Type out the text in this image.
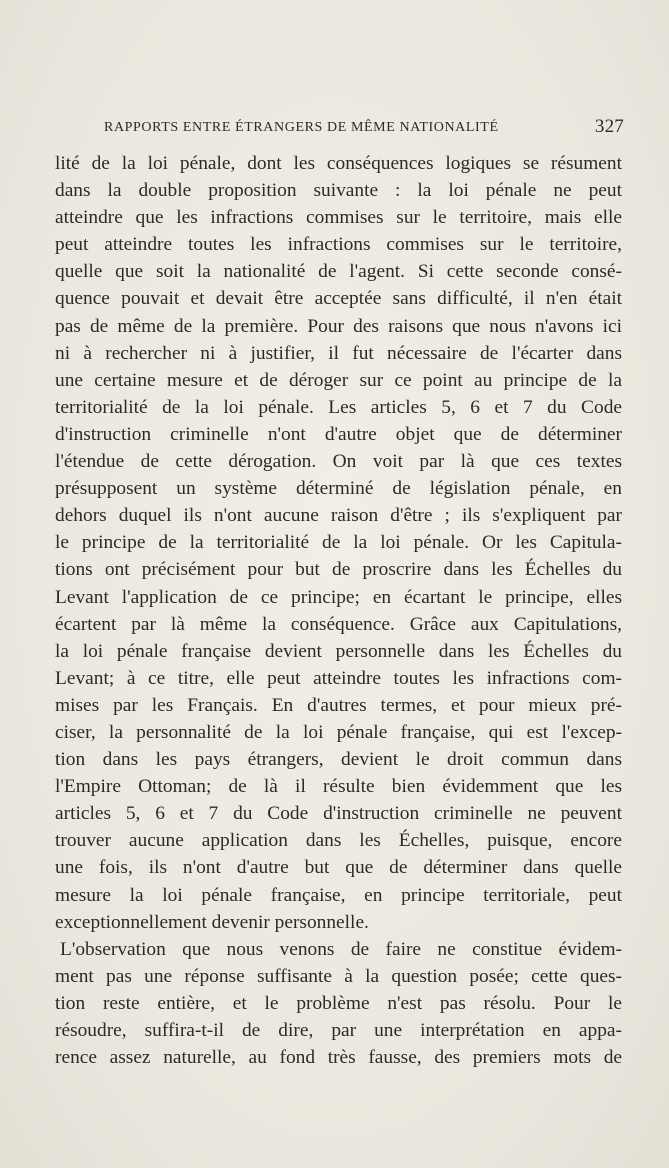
RAPPORTS ENTRE ÉTRANGERS DE MÊME NATIONALITÉ	327
lité de la loi pénale, dont les conséquences logiques se résument
dans la double proposition suivante : la loi pénale ne peut
atteindre que les infractions commises sur le territoire, mais elle
peut atteindre toutes les infractions commises sur le territoire,
quelle que soit la nationalité de l'agent. Si cette seconde consé-
quence pouvait et devait être acceptée sans difficulté, il n'en était
pas de même de la première. Pour des raisons que nous n'avons ici
ni à rechercher ni à justifier, il fut nécessaire de l'écarter dans
une certaine mesure et de déroger sur ce point au principe de la
territorialité de la loi pénale. Les articles 5, 6 et 7 du Code
d'instruction criminelle n'ont d'autre objet que de déterminer
l'étendue de cette dérogation. On voit par là que ces textes
présupposent un système déterminé de législation pénale, en
dehors duquel ils n'ont aucune raison d'être ; ils s'expliquent par
le principe de la territorialité de la loi pénale. Or les Capitula-
tions ont précisément pour but de proscrire dans les Échelles du
Levant l'application de ce principe; en écartant le principe, elles
écartent par là même la conséquence. Grâce aux Capitulations,
la loi pénale française devient personnelle dans les Échelles du
Levant; à ce titre, elle peut atteindre toutes les infractions com-
mises par les Français. En d'autres termes, et pour mieux pré-
ciser, la personnalité de la loi pénale française, qui est l'excep-
tion dans les pays étrangers, devient le droit commun dans
l'Empire Ottoman; de là il résulte bien évidemment que les
articles 5, 6 et 7 du Code d'instruction criminelle ne peuvent
trouver aucune application dans les Échelles, puisque, encore
une fois, ils n'ont d'autre but que de déterminer dans quelle
mesure la loi pénale française, en principe territoriale, peut
exceptionnellement devenir personnelle.
L'observation que nous venons de faire ne constitue évidem-
ment pas une réponse suffisante à la question posée; cette ques-
tion reste entière, et le problème n'est pas résolu. Pour le
résoudre, suffira-t-il de dire, par une interprétation en appa-
rence assez naturelle, au fond très fausse, des premiers mots de
